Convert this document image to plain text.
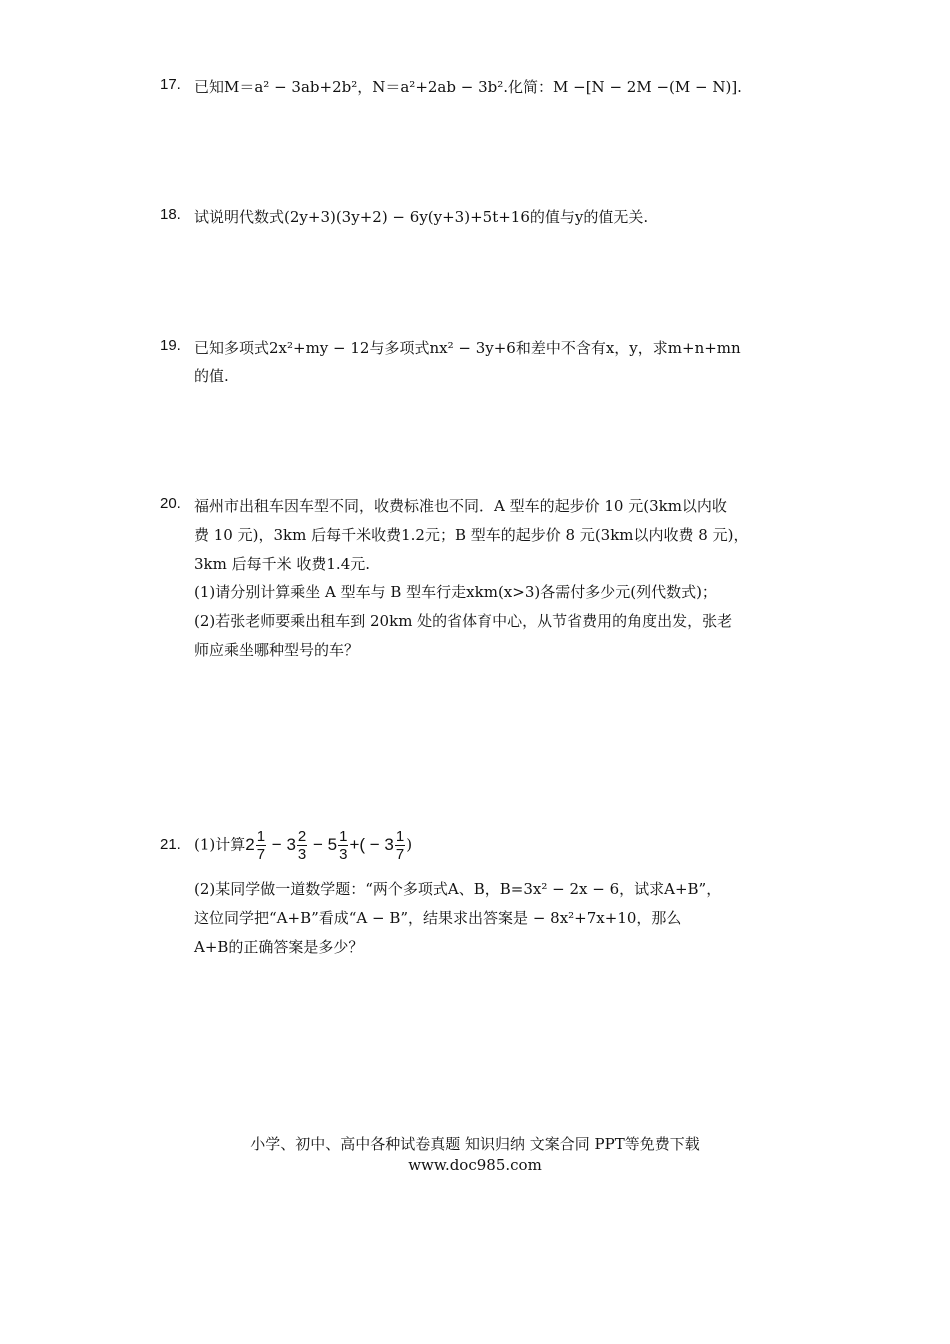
17. 已知M＝a² − 3ab+2b²，N＝a²+2ab − 3b².化简：M −[N − 2M −(M − N)].
18. 试说明代数式(2y+3)(3y+2) − 6y(y+3)+5t+16的值与y的值无关.
19. 已知多项式2x²+my − 12与多项式nx² − 3y+6和差中不含有x，y，求m+n+mn
的值.
20. 福州市出租车因车型不同，收费标准也不同．A 型车的起步价 10 元(3km以内收
费 10 元)，3km 后每千米收费1.2元；B 型车的起步价 8 元(3km以内收费 8 元)，
3km 后每千米 收费1.4元.
(1)请分别计算乘坐 A 型车与 B 型车行走xkm(x>3)各需付多少元(列代数式)；
(2)若张老师要乘出租车到 20km 处的省体育中心，从节省费用的角度出发，张老
师应乘坐哪种型号的车？
21. (1)计算$2 \frac{1}{7} - 3 \frac{2}{3} - 5 \frac{1}{3}$ +( − $3 \frac{1}{7}$ )
(2)某同学做一道数学题：“两个多项式A、B，B=3x² − 2x − 6，试求A+B”，
这位同学把“A+B”看成“A − B”，结果求出答案是 − 8x²+7x+10，那么
A+B的正确答案是多少？
小学、初中、高中各种试卷真题 知识归纳 文案合同 PPT等免费下载
www.doc985.com
